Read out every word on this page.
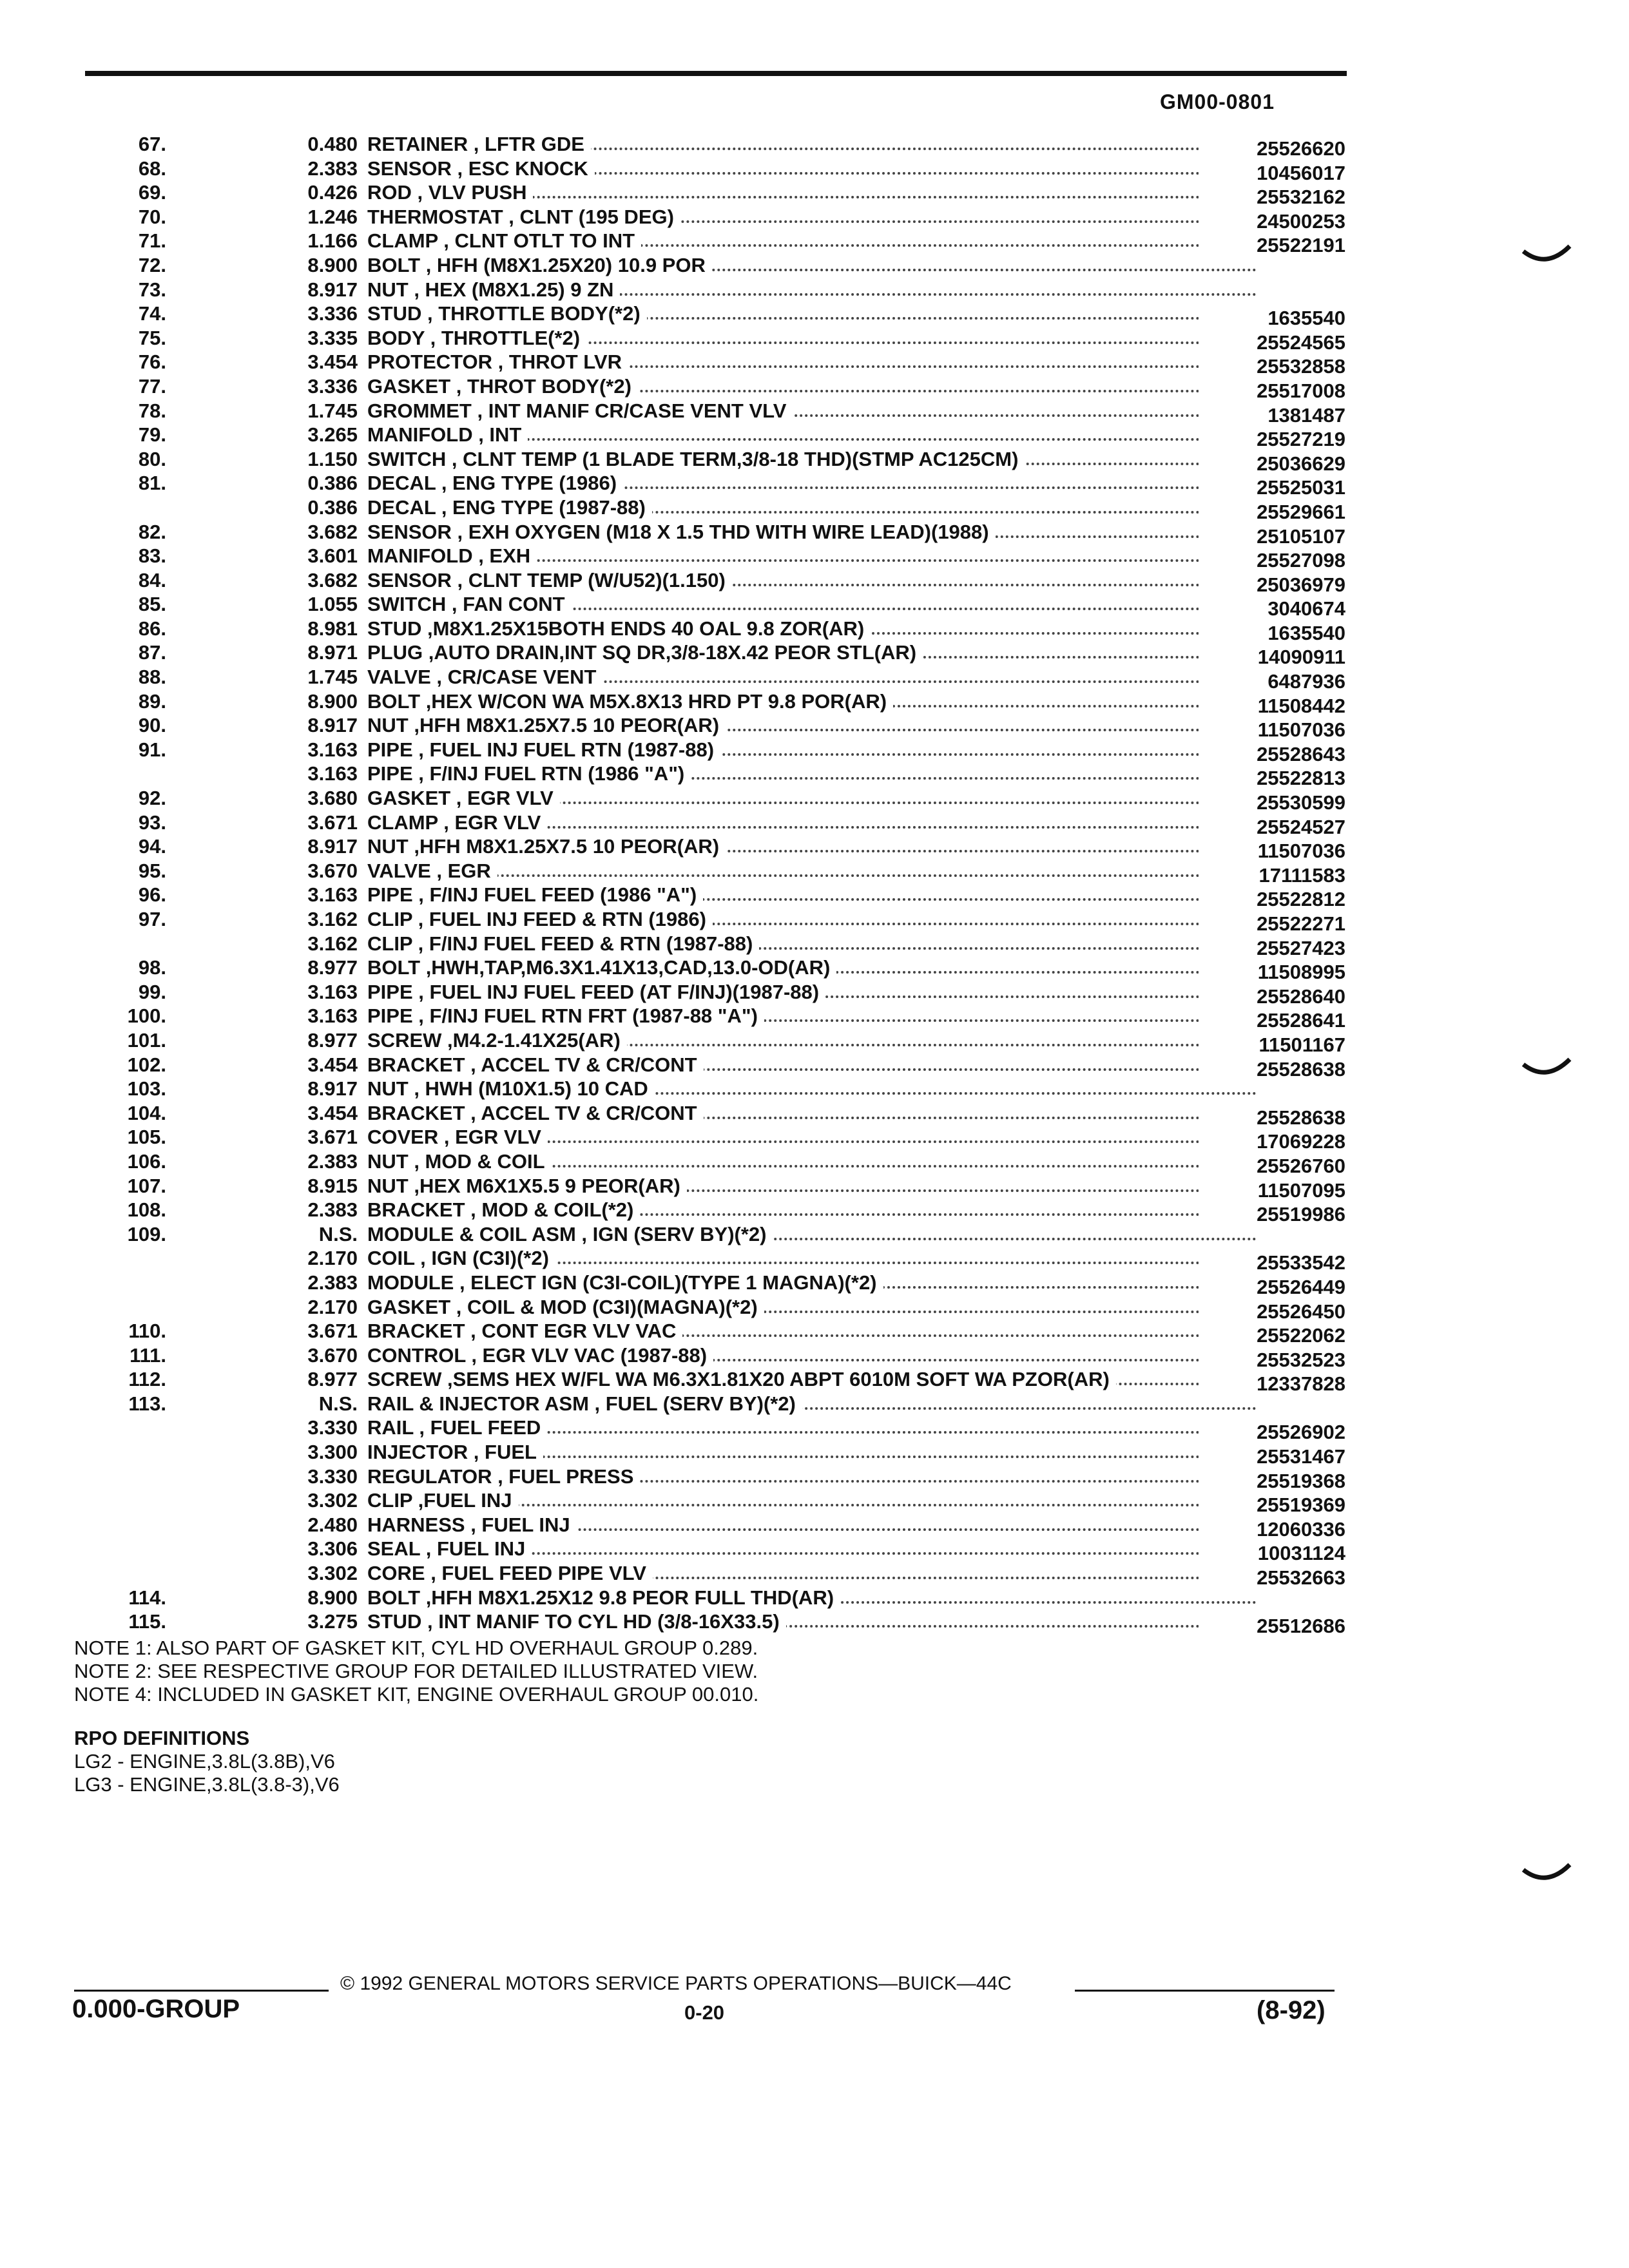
GM00-0801
67.	0.480 RETAINER , LFTR GDE	25526620
68.	2.383 SENSOR , ESC KNOCK	10456017
69.	0.426 ROD , VLV PUSH	25532162
70.	1.246 THERMOSTAT , CLNT (195 DEG)	24500253
71.	1.166 CLAMP , CLNT OTLT TO INT	25522191
72.	8.900 BOLT , HFH (M8X1.25X20) 10.9 POR
73.	8.917 NUT , HEX (M8X1.25) 9 ZN
74.	3.336 STUD , THROTTLE BODY(*2)	1635540
75.	3.335 BODY , THROTTLE(*2)	25524565
76.	3.454 PROTECTOR , THROT LVR	25532858
77.	3.336 GASKET , THROT BODY(*2)	25517008
78.	1.745 GROMMET , INT MANIF CR/CASE VENT VLV	1381487
79.	3.265 MANIFOLD , INT	25527219
80.	1.150 SWITCH , CLNT TEMP (1 BLADE TERM,3/8-18 THD)(STMP AC125CM)	25036629
81.	0.386 DECAL , ENG TYPE (1986)	25525031
0.386 DECAL , ENG TYPE (1987-88)	25529661
82.	3.682 SENSOR , EXH OXYGEN (M18 X 1.5 THD WITH WIRE LEAD)(1988)	25105107
83.	3.601 MANIFOLD , EXH	25527098
84.	3.682 SENSOR , CLNT TEMP (W/U52)(1.150)	25036979
85.	1.055 SWITCH , FAN CONT	3040674
86.	8.981 STUD ,M8X1.25X15BOTH ENDS 40 OAL 9.8 ZOR(AR)	1635540
87.	8.971 PLUG ,AUTO DRAIN,INT SQ DR,3/8-18X.42 PEOR STL(AR)	14090911
88.	1.745 VALVE , CR/CASE VENT	6487936
89.	8.900 BOLT ,HEX W/CON WA M5X.8X13 HRD PT 9.8 POR(AR)	11508442
90.	8.917 NUT ,HFH M8X1.25X7.5 10 PEOR(AR)	11507036
91.	3.163 PIPE , FUEL INJ FUEL RTN (1987-88)	25528643
3.163 PIPE , F/INJ FUEL RTN (1986 "A")	25522813
92.	3.680 GASKET , EGR VLV	25530599
93.	3.671 CLAMP , EGR VLV	25524527
94.	8.917 NUT ,HFH M8X1.25X7.5 10 PEOR(AR)	11507036
95.	3.670 VALVE , EGR	17111583
96.	3.163 PIPE , F/INJ FUEL FEED (1986 "A")	25522812
97.	3.162 CLIP , FUEL INJ FEED & RTN (1986)	25522271
3.162 CLIP , F/INJ FUEL FEED & RTN (1987-88)	25527423
98.	8.977 BOLT ,HWH,TAP,M6.3X1.41X13,CAD,13.0-OD(AR)	11508995
99.	3.163 PIPE , FUEL INJ FUEL FEED (AT F/INJ)(1987-88)	25528640
100.	3.163 PIPE , F/INJ FUEL RTN FRT (1987-88 "A")	25528641
101.	8.977 SCREW ,M4.2-1.41X25(AR)	11501167
102.	3.454 BRACKET , ACCEL TV & CR/CONT	25528638
103.	8.917 NUT , HWH (M10X1.5) 10 CAD
104.	3.454 BRACKET , ACCEL TV & CR/CONT	25528638
105.	3.671 COVER , EGR VLV	17069228
106.	2.383 NUT , MOD & COIL	25526760
107.	8.915 NUT ,HEX M6X1X5.5 9 PEOR(AR)	11507095
108.	2.383 BRACKET , MOD & COIL(*2)	25519986
109.	N.S. MODULE & COIL ASM , IGN (SERV BY)(*2)
2.170 COIL , IGN (C3I)(*2)	25533542
2.383 MODULE , ELECT IGN (C3I-COIL)(TYPE 1 MAGNA)(*2)	25526449
2.170 GASKET , COIL & MOD (C3I)(MAGNA)(*2)	25526450
110.	3.671 BRACKET , CONT EGR VLV VAC	25522062
111.	3.670 CONTROL , EGR VLV VAC (1987-88)	25532523
112.	8.977 SCREW ,SEMS HEX W/FL WA M6.3X1.81X20 ABPT 6010M SOFT WA PZOR(AR)	12337828
113.	N.S. RAIL & INJECTOR ASM , FUEL (SERV BY)(*2)
3.330 RAIL , FUEL FEED	25526902
3.300 INJECTOR , FUEL	25531467
3.330 REGULATOR , FUEL PRESS	25519368
3.302 CLIP ,FUEL INJ	25519369
2.480 HARNESS , FUEL INJ	12060336
3.306 SEAL , FUEL INJ	10031124
3.302 CORE , FUEL FEED PIPE VLV	25532663
114.	8.900 BOLT ,HFH M8X1.25X12 9.8 PEOR FULL THD(AR)
115.	3.275 STUD , INT MANIF TO CYL HD (3/8-16X33.5)	25512686
NOTE 1: ALSO PART OF GASKET KIT, CYL HD OVERHAUL GROUP 0.289.
NOTE 2: SEE RESPECTIVE GROUP FOR DETAILED ILLUSTRATED VIEW.
NOTE 4: INCLUDED IN GASKET KIT, ENGINE OVERHAUL GROUP 00.010.
RPO DEFINITIONS
LG2 - ENGINE,3.8L(3.8B),V6
LG3 - ENGINE,3.8L(3.8-3),V6
© 1992 GENERAL MOTORS SERVICE PARTS OPERATIONS—BUICK—44C
0.000-GROUP	0-20	(8-92)
